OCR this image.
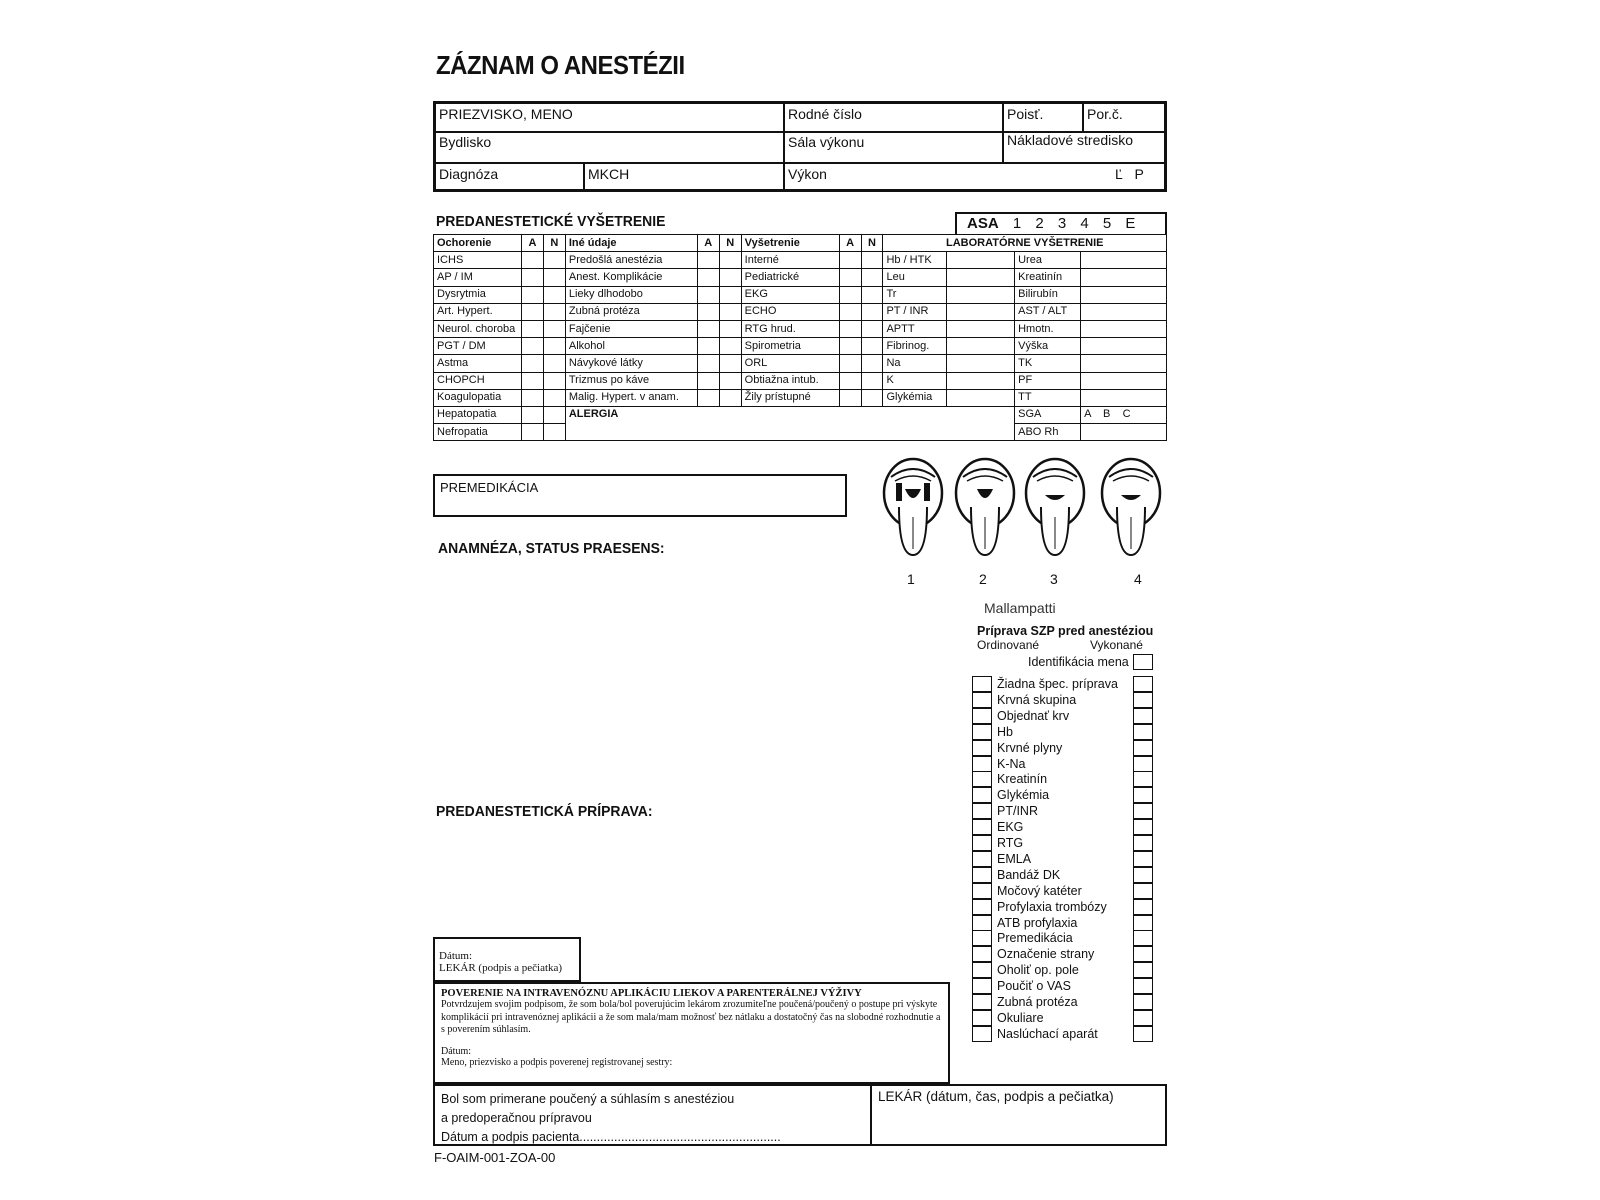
ZÁZNAM O ANESTÉZII
PRIEZVISKO, MENO	Rodné číslo	Poisť.	Por.č.
Bydlisko	Sála výkonu	Nákladové stredisko
Diagnóza	MKCH	Výkon	Ľ   P
PREDANESTETICKÉ VYŠETRENIE	ASA 1 2 3 4 5 E
Ochorenie	A	N	Iné údaje	A	N	Vyšetrenie	A	N	LABORATÓRNE VYŠETRENIE			
ICHS			Predošlá anestézia			Interné			Hb / HTK		Urea	
AP / IM			Anest. Komplikácie			Pediatrické			Leu		Kreatinín	
Dysrytmia			Lieky dlhodobo			EKG			Tr		Bilirubín	
Art. Hypert.			Zubná protéza			ECHO			PT / INR		AST / ALT	
Neurol. choroba			Fajčenie			RTG hrud.			APTT		Hmotn.	
PGT / DM			Alkohol			Spirometria			Fibrinog.		Výška	
Astma			Návykové látky			ORL			Na		TK	
CHOPCH			Trizmus po káve			Obtiažna intub.			K		PF	
Koagulopatia			Malig. Hypert. v anam.			Žily prístupné			Glykémia		TT	
Hepatopatia			ALERGIA								SGA	A    B    C
Nefropatia											ABO Rh	
PREMEDIKÁCIA
ANAMNÉZA, STATUS PRAESENS:
1	2	3	4
Mallampatti
Príprava SZP pred anestéziou
Ordinované	Vykonané
Identifikácia mena
Žiadna špec. príprava
Krvná skupina
Objednať krv
Hb
Krvné plyny
K-Na
Kreatinín
Glykémia
PT/INR
EKG
RTG
EMLA
Bandáž DK
Močový katéter
Profylaxia trombózy
ATB profylaxia
Premedikácia
Označenie strany
Oholiť op. pole
Poučiť o VAS
Zubná protéza
Okuliare
Naslúchací aparát
PREDANESTETICKÁ PRÍPRAVA:
Dátum:
LEKÁR (podpis a pečiatka)
POVERENIE NA INTRAVENÓZNU APLIKÁCIU LIEKOV A PARENTERÁLNEJ VÝŽIVY
Potvrdzujem svojim podpisom, že som bola/bol poverujúcim lekárom zrozumiteľne poučená/poučený o postupe pri výskyte komplikácií pri intravenóznej aplikácii a že som mala/mam možnosť bez nátlaku a dostatočný čas na slobodné rozhodnutie a s poverením súhlasím.
Dátum:
Meno, priezvisko a podpis poverenej registrovanej sestry:
Bol som primerane poučený a súhlasím s anestéziou
a predoperačnou prípravou
Dátum a podpis pacienta..........................................................
LEKÁR (dátum, čas, podpis a pečiatka)
F-OAIM-001-ZOA-00
